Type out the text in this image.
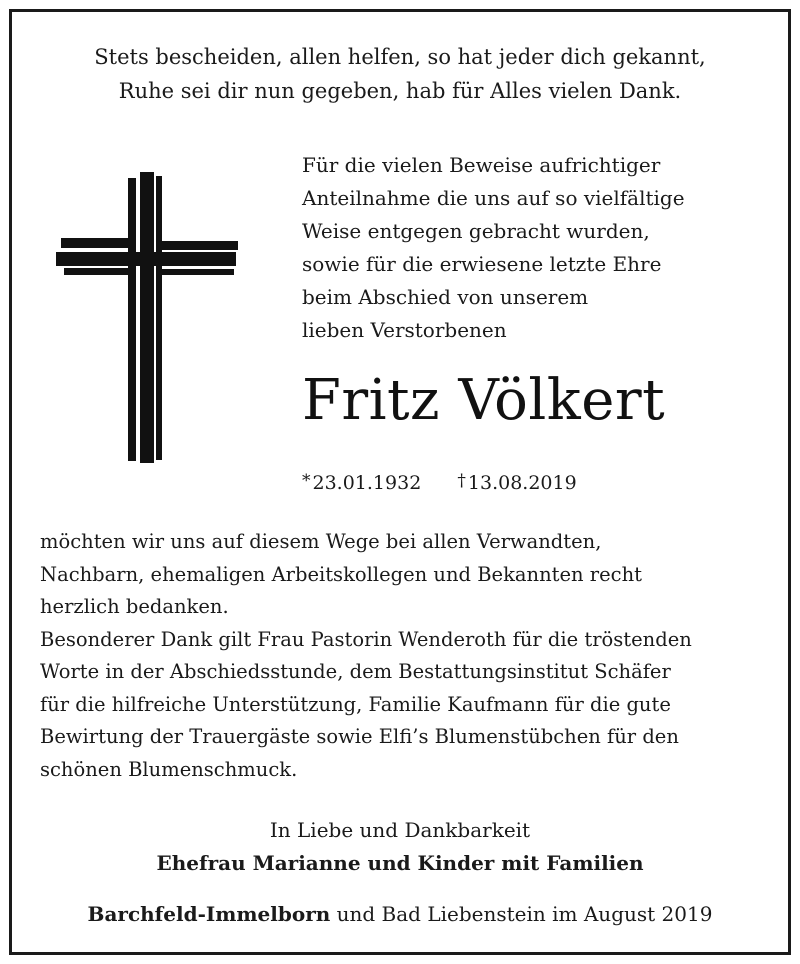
Stets bescheiden, allen helfen, so hat jeder dich gekannt,
Ruhe sei dir nun gegeben, hab für Alles vielen Dank.
Für die vielen Beweise aufrichtiger
Anteilnahme die uns auf so vielfältige
Weise entgegen gebracht wurden,
sowie für die erwiesene letzte Ehre
beim Abschied von unserem
lieben Verstorbenen
Fritz Völkert
* 23.01.1932 † 13.08.2019
möchten wir uns auf diesem Wege bei allen Verwandten,
Nachbarn, ehemaligen Arbeitskollegen und Bekannten recht
herzlich bedanken.
Besonderer Dank gilt Frau Pastorin Wenderoth für die tröstenden
Worte in der Abschiedsstunde, dem Bestattungsinstitut Schäfer
für die hilfreiche Unterstützung, Familie Kaufmann für die gute
Bewirtung der Trauergäste sowie Elfi’s Blumenstübchen für den
schönen Blumenschmuck.
In Liebe und Dankbarkeit
Ehefrau Marianne und Kinder mit Familien
Barchfeld-Immelborn und Bad Liebenstein im August 2019
